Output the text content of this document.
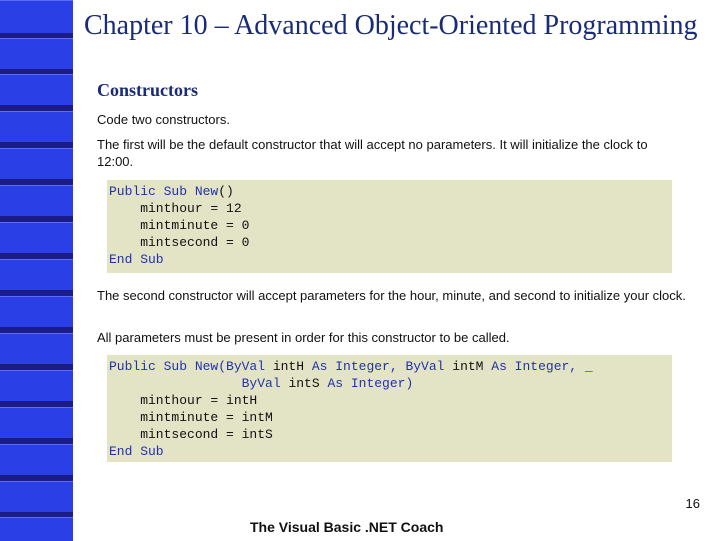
Chapter 10 – Advanced Object-Oriented Programming
Constructors
Code two constructors.
The first will be the default constructor that will accept no parameters. It will initialize the clock to 12:00.
Public Sub New()
minthour = 12
mintminute = 0
mintsecond = 0
End Sub
The second constructor will accept parameters for the hour, minute, and second to initialize your clock.
All parameters must be present in order for this constructor to be called.
Public Sub New(ByVal intH As Integer, ByVal intM As Integer, _
ByVal intS As Integer)
minthour = intH
mintminute = intM
mintsecond = intS
End Sub
16
The Visual Basic .NET Coach
